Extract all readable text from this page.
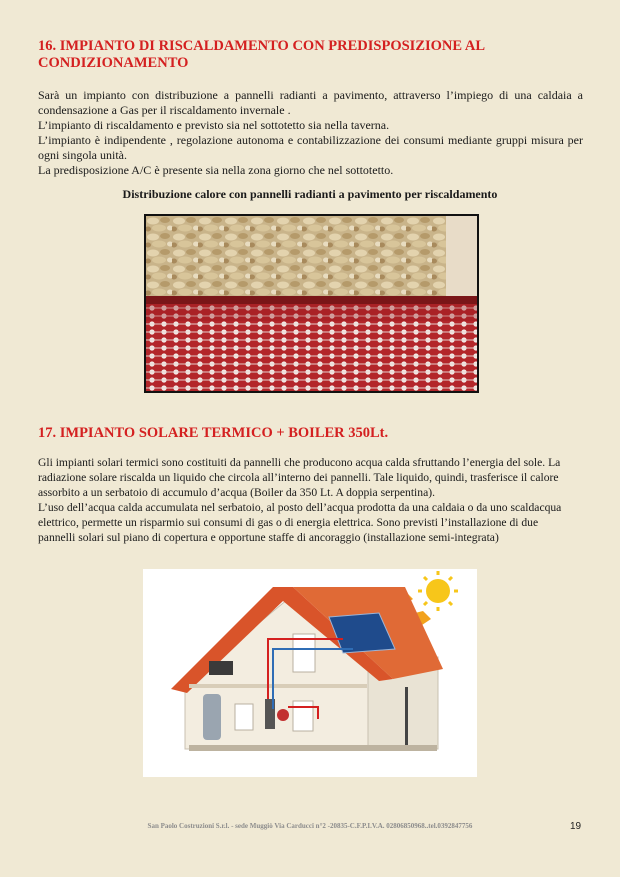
16. IMPIANTO DI RISCALDAMENTO CON PREDISPOSIZIONE AL CONDIZIONAMENTO

Sarà un impianto con distribuzione a pannelli radianti a pavimento, attraverso l’impiego di una caldaia a condensazione a Gas per il riscaldamento invernale .

L’impianto di riscaldamento e previsto sia nel sottotetto sia nella taverna.

L’impianto è indipendente , regolazione autonoma e contabilizzazione dei consumi mediante gruppi misura per ogni singola unità.

La predisposizione A/C è presente sia nella zona giorno che nel sottotetto.

Distribuzione calore con pannelli radianti a pavimento per riscaldamento

17. IMPIANTO SOLARE TERMICO + BOILER 350Lt.

Gli impianti solari termici sono costituiti da pannelli che producono acqua calda sfruttando l’energia del sole. La radiazione solare riscalda un liquido che circola all’interno dei pannelli. Tale liquido, quindi, trasferisce il calore assorbito a un serbatoio di accumulo d’acqua (Boiler da 350 Lt. A doppia serpentina).

L’uso dell’acqua calda accumulata nel serbatoio, al posto dell’acqua prodotta da una caldaia o da uno scaldacqua elettrico, permette un risparmio sui consumi di gas o di energia elettrica. Sono previsti l’installazione di due pannelli solari sul piano di copertura e opportune staffe di ancoraggio (installazione semi-integrata)

San Paolo Costruzioni S.r.l. - sede Muggiò Via Carducci n°2 -20835-C.F.P.I.V.A. 02806850968..tel.0392847756	19
